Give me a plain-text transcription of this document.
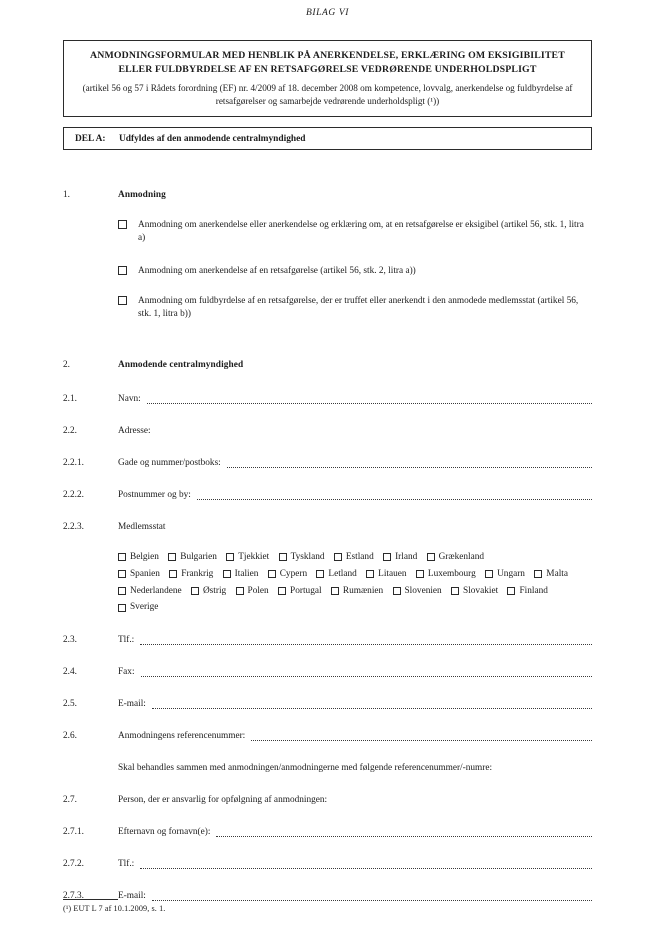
BILAG VI
ANMODNINGSFORMULAR MED HENBLIK PÅ ANERKENDELSE, ERKLÆRING OM EKSIGIBILITET ELLER FULDBYRDELSE AF EN RETSAFGØRELSE VEDRØRENDE UNDERHOLDSPLIGT
(artikel 56 og 57 i Rådets forordning (EF) nr. 4/2009 af 18. december 2008 om kompetence, lovvalg, anerkendelse og fuldbyrdelse af retsafgørelser og samarbejde vedrørende underholdspligt (¹))
DEL A:	Udfyldes af den anmodende centralmyndighed
1.	Anmodning
Anmodning om anerkendelse eller anerkendelse og erklæring om, at en retsafgørelse er eksigibel (artikel 56, stk. 1, litra a)
Anmodning om anerkendelse af en retsafgørelse (artikel 56, stk. 2, litra a))
Anmodning om fuldbyrdelse af en retsafgørelse, der er truffet eller anerkendt i den anmodede medlemsstat (artikel 56, stk. 1, litra b))
2.	Anmodende centralmyndighed
2.1.	Navn:
2.2.	Adresse:
2.2.1.	Gade og nummer/postboks:
2.2.2.	Postnummer og by:
2.2.3.	Medlemsstat
Belgien
Bulgarien
Tjekkiet
Tyskland
Estland
Irland
Grækenland
Spanien
Frankrig
Italien
Cypern
Letland
Litauen
Luxembourg
Ungarn
Malta
Nederlandene
Østrig
Polen
Portugal
Rumænien
Slovenien
Slovakiet
Finland
Sverige
2.3.	Tlf.:
2.4.	Fax:
2.5.	E-mail:
2.6.	Anmodningens referencenummer:
Skal behandles sammen med anmodningen/anmodningerne med følgende referencenummer/-numre:
2.7.	Person, der er ansvarlig for opfølgning af anmodningen:
2.7.1.	Efternavn og fornavn(e):
2.7.2.	Tlf.:
2.7.3.	E-mail:
(¹) EUT L 7 af 10.1.2009, s. 1.
